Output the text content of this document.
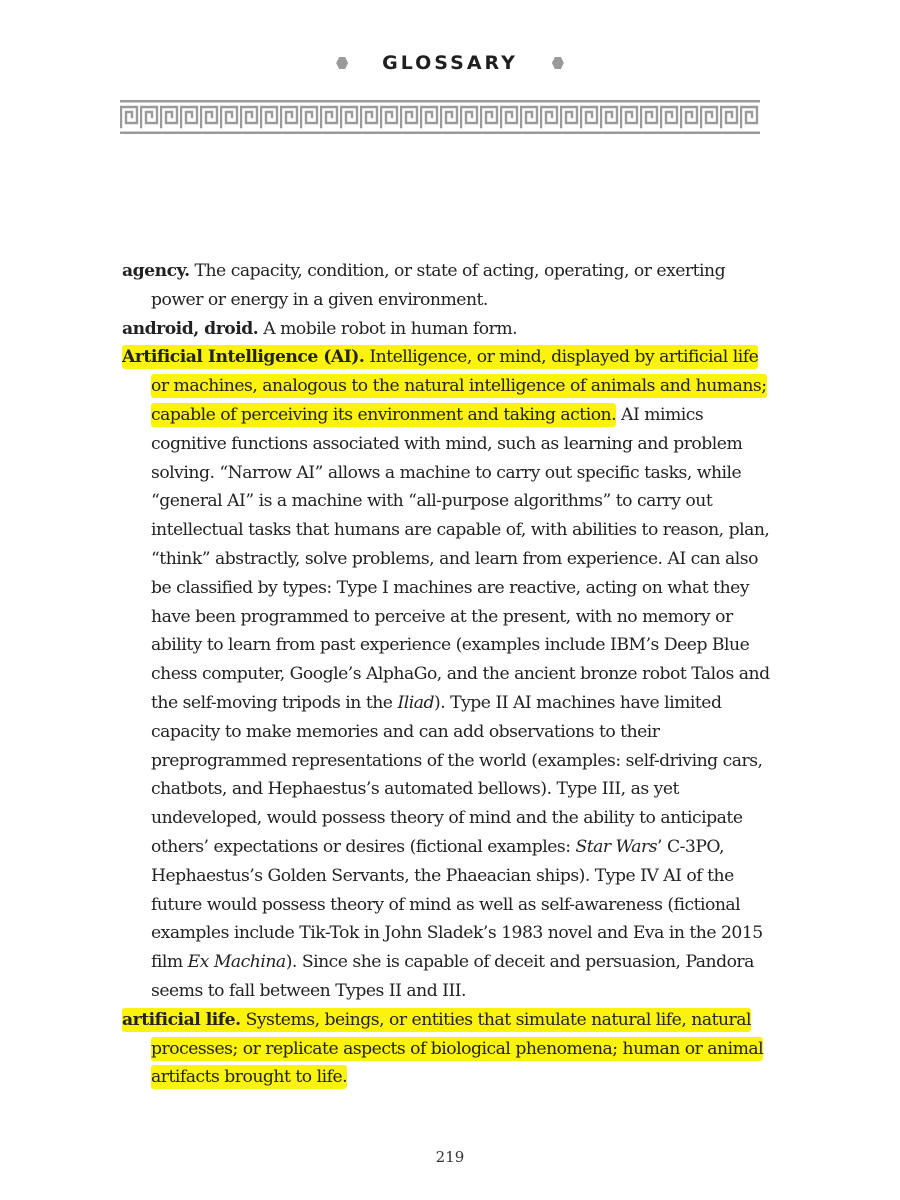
GLOSSARY

agency. The capacity, condition, or state of acting, operating, or exerting power or energy in a given environment.

android, droid. A mobile robot in human form.

Artificial Intelligence (AI). Intelligence, or mind, displayed by artificial life or machines, analogous to the natural intelligence of animals and humans; capable of perceiving its environment and taking action. AI mimics cognitive functions associated with mind, such as learning and problem solving. “Narrow AI” allows a machine to carry out specific tasks, while “general AI” is a machine with “all-purpose algorithms” to carry out intellectual tasks that humans are capable of, with abilities to reason, plan, “think” abstractly, solve problems, and learn from experience. AI can also be classified by types: Type I machines are reactive, acting on what they have been programmed to perceive at the present, with no memory or ability to learn from past experience (examples include IBM’s Deep Blue chess computer, Google’s AlphaGo, and the ancient bronze robot Talos and the self-moving tripods in the Iliad). Type II AI machines have limited capacity to make memories and can add observations to their preprogrammed representations of the world (examples: self-driving cars, chatbots, and Hephaestus’s automated bellows). Type III, as yet undeveloped, would possess theory of mind and the ability to anticipate others’ expectations or desires (fictional examples: Star Wars’ C-3PO, Hephaestus’s Golden Servants, the Phaeacian ships). Type IV AI of the future would possess theory of mind as well as self-awareness (fictional examples include Tik-Tok in John Sladek’s 1983 novel and Eva in the 2015 film Ex Machina). Since she is capable of deceit and persuasion, Pandora seems to fall between Types II and III.

artificial life. Systems, beings, or entities that simulate natural life, natural processes; or replicate aspects of biological phenomena; human or animal artifacts brought to life.

219
